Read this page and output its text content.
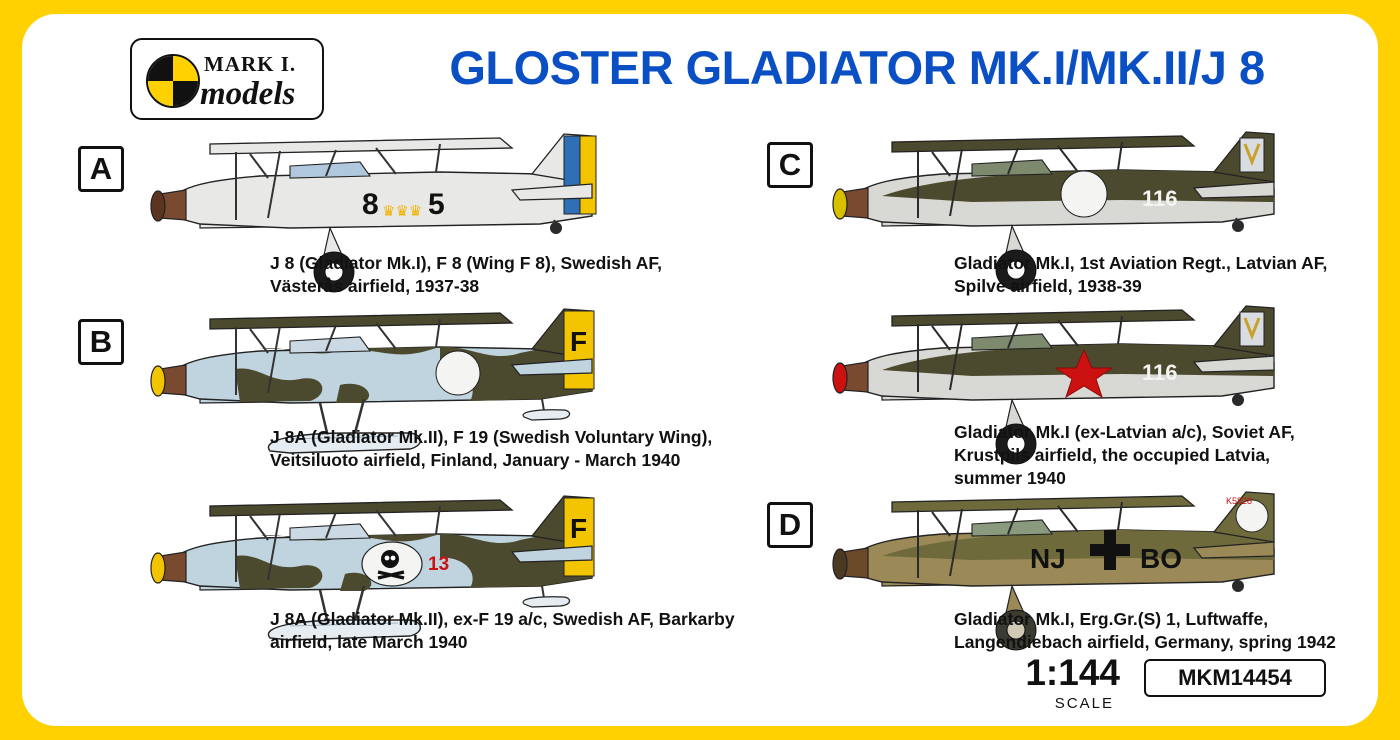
MARK I.
models	GLOSTER GLADIATOR MK.I/MK.II/J 8
A
8 5
♛♛♛
J 8 (Gladiator Mk.I), F 8 (Wing F 8), Swedish AF,
Västerås airfield, 1937-38
B	F
J 8A (Gladiator Mk.II), F 19 (Swedish Voluntary Wing),
Veitsiluoto airfield, Finland, January - March 1940
13
F
J 8A (Gladiator Mk.II), ex-F 19 a/c, Swedish AF, Barkarby
airfield, late March 1940
C
116
Gladiator Mk.I, 1st Aviation Regt., Latvian AF,
Spilve airfield, 1938-39
116
Gladiator Mk.I (ex-Latvian a/c), Soviet AF,
Krustpils airfield, the occupied Latvia,
summer 1940
D
NJ	BO
K5828
Gladiator Mk.I, Erg.Gr.(S) 1, Luftwaffe,
Langendiebach airfield, Germany, spring 1942
1:144
SCALE
MKM14454
